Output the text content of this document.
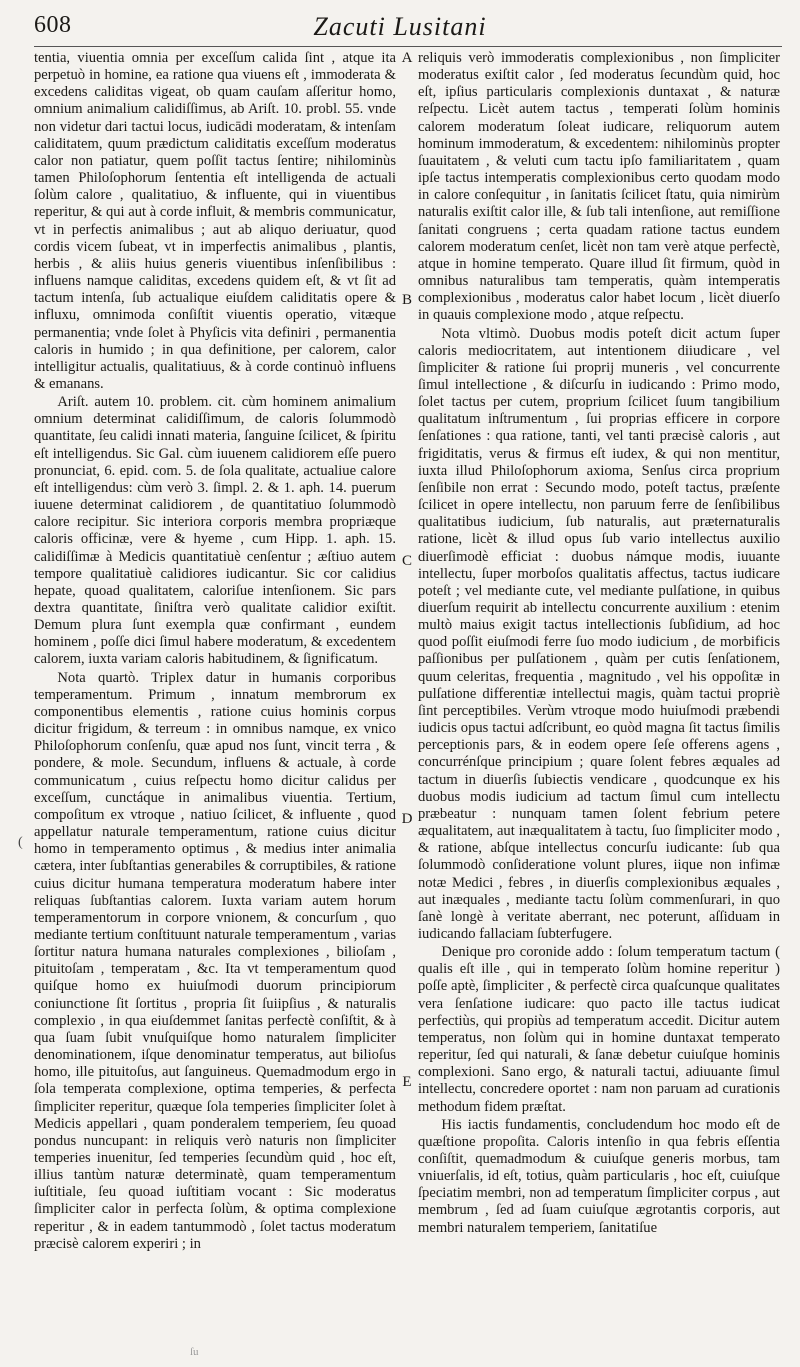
608	Zacuti Lusitani

tentia, viuentia omnia per exceſſum calida ſint , atque ita perpetuò in homine, ea ratione qua viuens eſt , immoderata & excedens caliditas vigeat, ob quam cauſam aſſeritur homo, omnium animalium calidiſſimus, ab Ariſt. 10. probl. 55. vnde non videtur dari tactui locus, iudicādi moderatam, & intenſam caliditatem, quum prædictum caliditatis exceſſum moderatus calor non patiatur, quem poſſit tactus ſentire; nihilominùs tamen Philoſophorum ſententia eſt intelligenda de actuali ſolùm calore , qualitatiuo, & influente, qui in viuentibus reperitur, & qui aut à corde influit, & membris communicatur, vt in perfectis animalibus ; aut ab aliquo deriuatur, quod cordis vicem ſubeat, vt in imperfectis animalibus , plantis, herbis , & aliis huius generis viuentibus inſenſibilibus : influens namque caliditas, excedens quidem eſt, & vt ſit ad tactum intenſa, ſub actualique eiuſdem caliditatis opere & influxu, omnimoda conſiſtit viuentis operatio, vitæque permanentia; vnde ſolet à Phyſicis vita definiri , permanentia caloris in humido ; in qua definitione, per calorem, calor intelligitur actualis, qualitatiuus, & à corde continuò influens & emanans.

Ariſt. autem 10. problem. cit. cùm hominem animalium omnium determinat calidiſſimum, de caloris ſolummodò quantitate, ſeu calidi innati materia, ſanguine ſcilicet, & ſpiritu eſt intelligendus. Sic Gal. cùm iuuenem calidiorem eſſe puero pronunciat, 6. epid. com. 5. de ſola qualitate, actualiue calore eſt intelligendus: cùm verò 3. ſimpl. 2. & 1. aph. 14. puerum iuuene determinat calidiorem , de quantitatiuo ſolummodò calore recipitur. Sic interiora corporis membra propriæque caloris officinæ, vere & hyeme , cum Hipp. 1. aph. 15. calidiſſimæ à Medicis quantitatiuè cenſentur ; æſtiuo autem tempore qualitatiuè calidiores iudicantur. Sic cor calidius hepate, quoad qualitatem, caloriſue intenſionem. Sic pars dextra quantitate, ſiniſtra verò qualitate calidior exiſtit. Demum plura ſunt exempla quæ confirmant , eundem hominem , poſſe dici ſimul habere moderatum, & excedentem calorem, iuxta variam caloris habitudinem, & ſignificatum.

Nota quartò. Triplex datur in humanis corporibus temperamentum. Primum , innatum membrorum ex componentibus elementis , ratione cuius hominis corpus dicitur frigidum, & terreum : in omnibus namque, ex vnico Philoſophorum conſenſu, quæ apud nos ſunt, vincit terra , & pondere, & mole. Secundum, influens & actuale, à corde communicatum , cuius reſpectu homo dicitur calidus per exceſſum, cunctáque in animalibus viuentia. Tertium, compoſitum ex vtroque , natiuo ſcilicet, & influente , quod appellatur naturale temperamentum, ratione cuius dicitur homo in temperamento optimus , & medius inter animalia cætera, inter ſubſtantias generabiles & corruptibiles, & ratione cuius dicitur humana temperatura moderatum habere inter reliquas ſubſtantias calorem. Iuxta variam autem horum temperamentorum in corpore vnionem, & concurſum , quo mediante tertium conſtituunt naturale temperamentum , varias ſortitur natura humana naturales complexiones , bilioſam , pituitoſam , temperatam , &c. Ita vt temperamentum quod quiſque homo ex huiuſmodi duorum principiorum coniunctione ſit ſortitus , propria ſit ſuiipſius , & naturalis complexio , in qua eiuſdemmet ſanitas perfectè conſiſtit, & à qua ſuam ſubit vnuſquiſque homo naturalem ſimpliciter denominationem, iſque denominatur temperatus, aut bilioſus homo, ille pituitoſus, aut ſanguineus. Quemadmodum ergo in ſola temperata complexione, optima temperies, & perfecta ſimpliciter reperitur, quæque ſola temperies ſimpliciter ſolet à Medicis appellari , quam ponderalem temperiem, ſeu quoad pondus nuncupant: in reliquis verò naturis non ſimpliciter temperies inuenitur, ſed temperies ſecundùm quid , hoc eſt, illius tantùm naturæ determinatè, quam temperamentum iuſtitiale, ſeu quoad iuſtitiam vocant : Sic moderatus ſimpliciter calor in perfecta ſolùm, & optima complexione reperitur , & in eadem tantummodò , ſolet tactus moderatum præcisè calorem experiri ; in

reliquis verò immoderatis complexionibus , non ſimpliciter moderatus exiſtit calor , ſed moderatus ſecundùm quid, hoc eſt, ipſius particularis complexionis duntaxat , & naturæ reſpectu. Licèt autem tactus , temperati ſolùm hominis calorem moderatum ſoleat iudicare, reliquorum autem hominum immoderatum, & excedentem: nihilominùs propter ſuauitatem , & veluti cum tactu ipſo familiaritatem , quam ipſe tactus intemperatis complexionibus certo quodam modo in calore conſequitur , in ſanitatis ſcilicet ſtatu, quia nimirùm naturalis exiſtit calor ille, & ſub tali intenſione, aut remiſſione ſanitati congruens ; certa quadam ratione tactus eundem calorem moderatum cenſet, licèt non tam verè atque perfectè, atque in homine temperato. Quare illud ſit firmum, quòd in omnibus naturalibus tam temperatis, quàm intemperatis complexionibus , moderatus calor habet locum , licèt diuerſo in quauis complexione modo , atque reſpectu.

Nota vltimò. Duobus modis poteſt dicit actum ſuper caloris mediocritatem, aut intentionem diiudicare , vel ſimpliciter & ratione ſui proprij muneris , vel concurrente ſimul intellectione , & diſcurſu in iudicando : Primo modo, ſolet tactus per cutem, proprium ſcilicet ſuum tangibilium qualitatum inſtrumentum , ſui proprias efficere in corpore ſenſationes : qua ratione, tanti, vel tanti præcisè caloris , aut frigiditatis, verus & firmus eſt iudex, & qui non mentitur, iuxta illud Philoſophorum axioma, Senſus circa proprium ſenſibile non errat : Secundo modo, poteſt tactus, præſente ſcilicet in opere intellectu, non paruum ferre de ſenſibilibus qualitatibus iudicium, ſub naturalis, aut præternaturalis ratione, licèt & illud opus ſub vario intellectus auxilio diuerſimodè efficiat : duobus námque modis, iuuante intellectu, ſuper morboſos qualitatis affectus, tactus iudicare poteſt ; vel mediante cute, vel mediante pulſatione, in quibus diuerſum requirit ab intellectu concurrente auxilium : etenim multò maius exigit tactus intellectionis ſubſidium, ad hoc quod poſſit eiuſmodi ferre ſuo modo iudicium , de morbificis paſſionibus per pulſationem , quàm per cutis ſenſationem, quum celeritas, frequentia , magnitudo , vel his oppoſitæ in pulſatione differentiæ intellectui magis, quàm tactui propriè ſint perceptibiles. Verùm vtroque modo huiuſmodi præbendi iudicis opus tactui adſcribunt, eo quòd magna ſit tactus ſimilis perceptionis pars, & in eodem opere ſeſe offerens agens , concurrénſque principium ; quare ſolent febres æquales ad tactum in diuerſis ſubiectis vendicare , quodcunque ex his duobus modis iudicium ad tactum ſimul cum intellectu præbeatur : nunquam tamen ſolent febrium petere æqualitatem, aut inæqualitatem à tactu, ſuo ſimpliciter modo , & ratione, abſque intellectus concurſu iudicante: ſub qua ſolummodò conſideratione volunt plures, iique non infimæ notæ Medici , febres , in diuerſis complexionibus æquales , aut inæquales , mediante tactu ſolùm commenſurari, in quo ſanè longè à veritate aberrant, nec poterunt, aſſiduam in iudicando fallaciam ſubterfugere.

Denique pro coronide addo : ſolum temperatum tactum ( qualis eſt ille , qui in temperato ſolùm homine reperitur ) poſſe aptè, ſimpliciter , & perfectè circa quaſcunque qualitates vera ſenſatione iudicare: quo pacto ille tactus iudicat perfectiùs, qui propiùs ad temperatum accedit. Dicitur autem temperatus, non ſolùm qui in homine duntaxat temperato reperitur, ſed qui naturali, & ſanæ debetur cuiuſque hominis complexioni. Sano ergo, & naturali tactui, adiuuante ſimul intellectu, concredere oportet : nam non paruam ad curationis methodum fidem præſtat.

His iactis fundamentis, concludendum hoc modo eſt de quæſtione propoſita. Caloris intenſio in qua febris eſſentia conſiſtit, quemadmodum & cuiuſque generis morbus, tam vniuerſalis, id eſt, totius, quàm particularis , hoc eſt, cuiuſque ſpeciatim membri, non ad temperatum ſimpliciter corpus , aut membrum , ſed ad ſuam cuiuſque ægrotantis corporis, aut membri naturalem temperiem, ſanitatiſue

A
B
C
D
E
(
ſu
